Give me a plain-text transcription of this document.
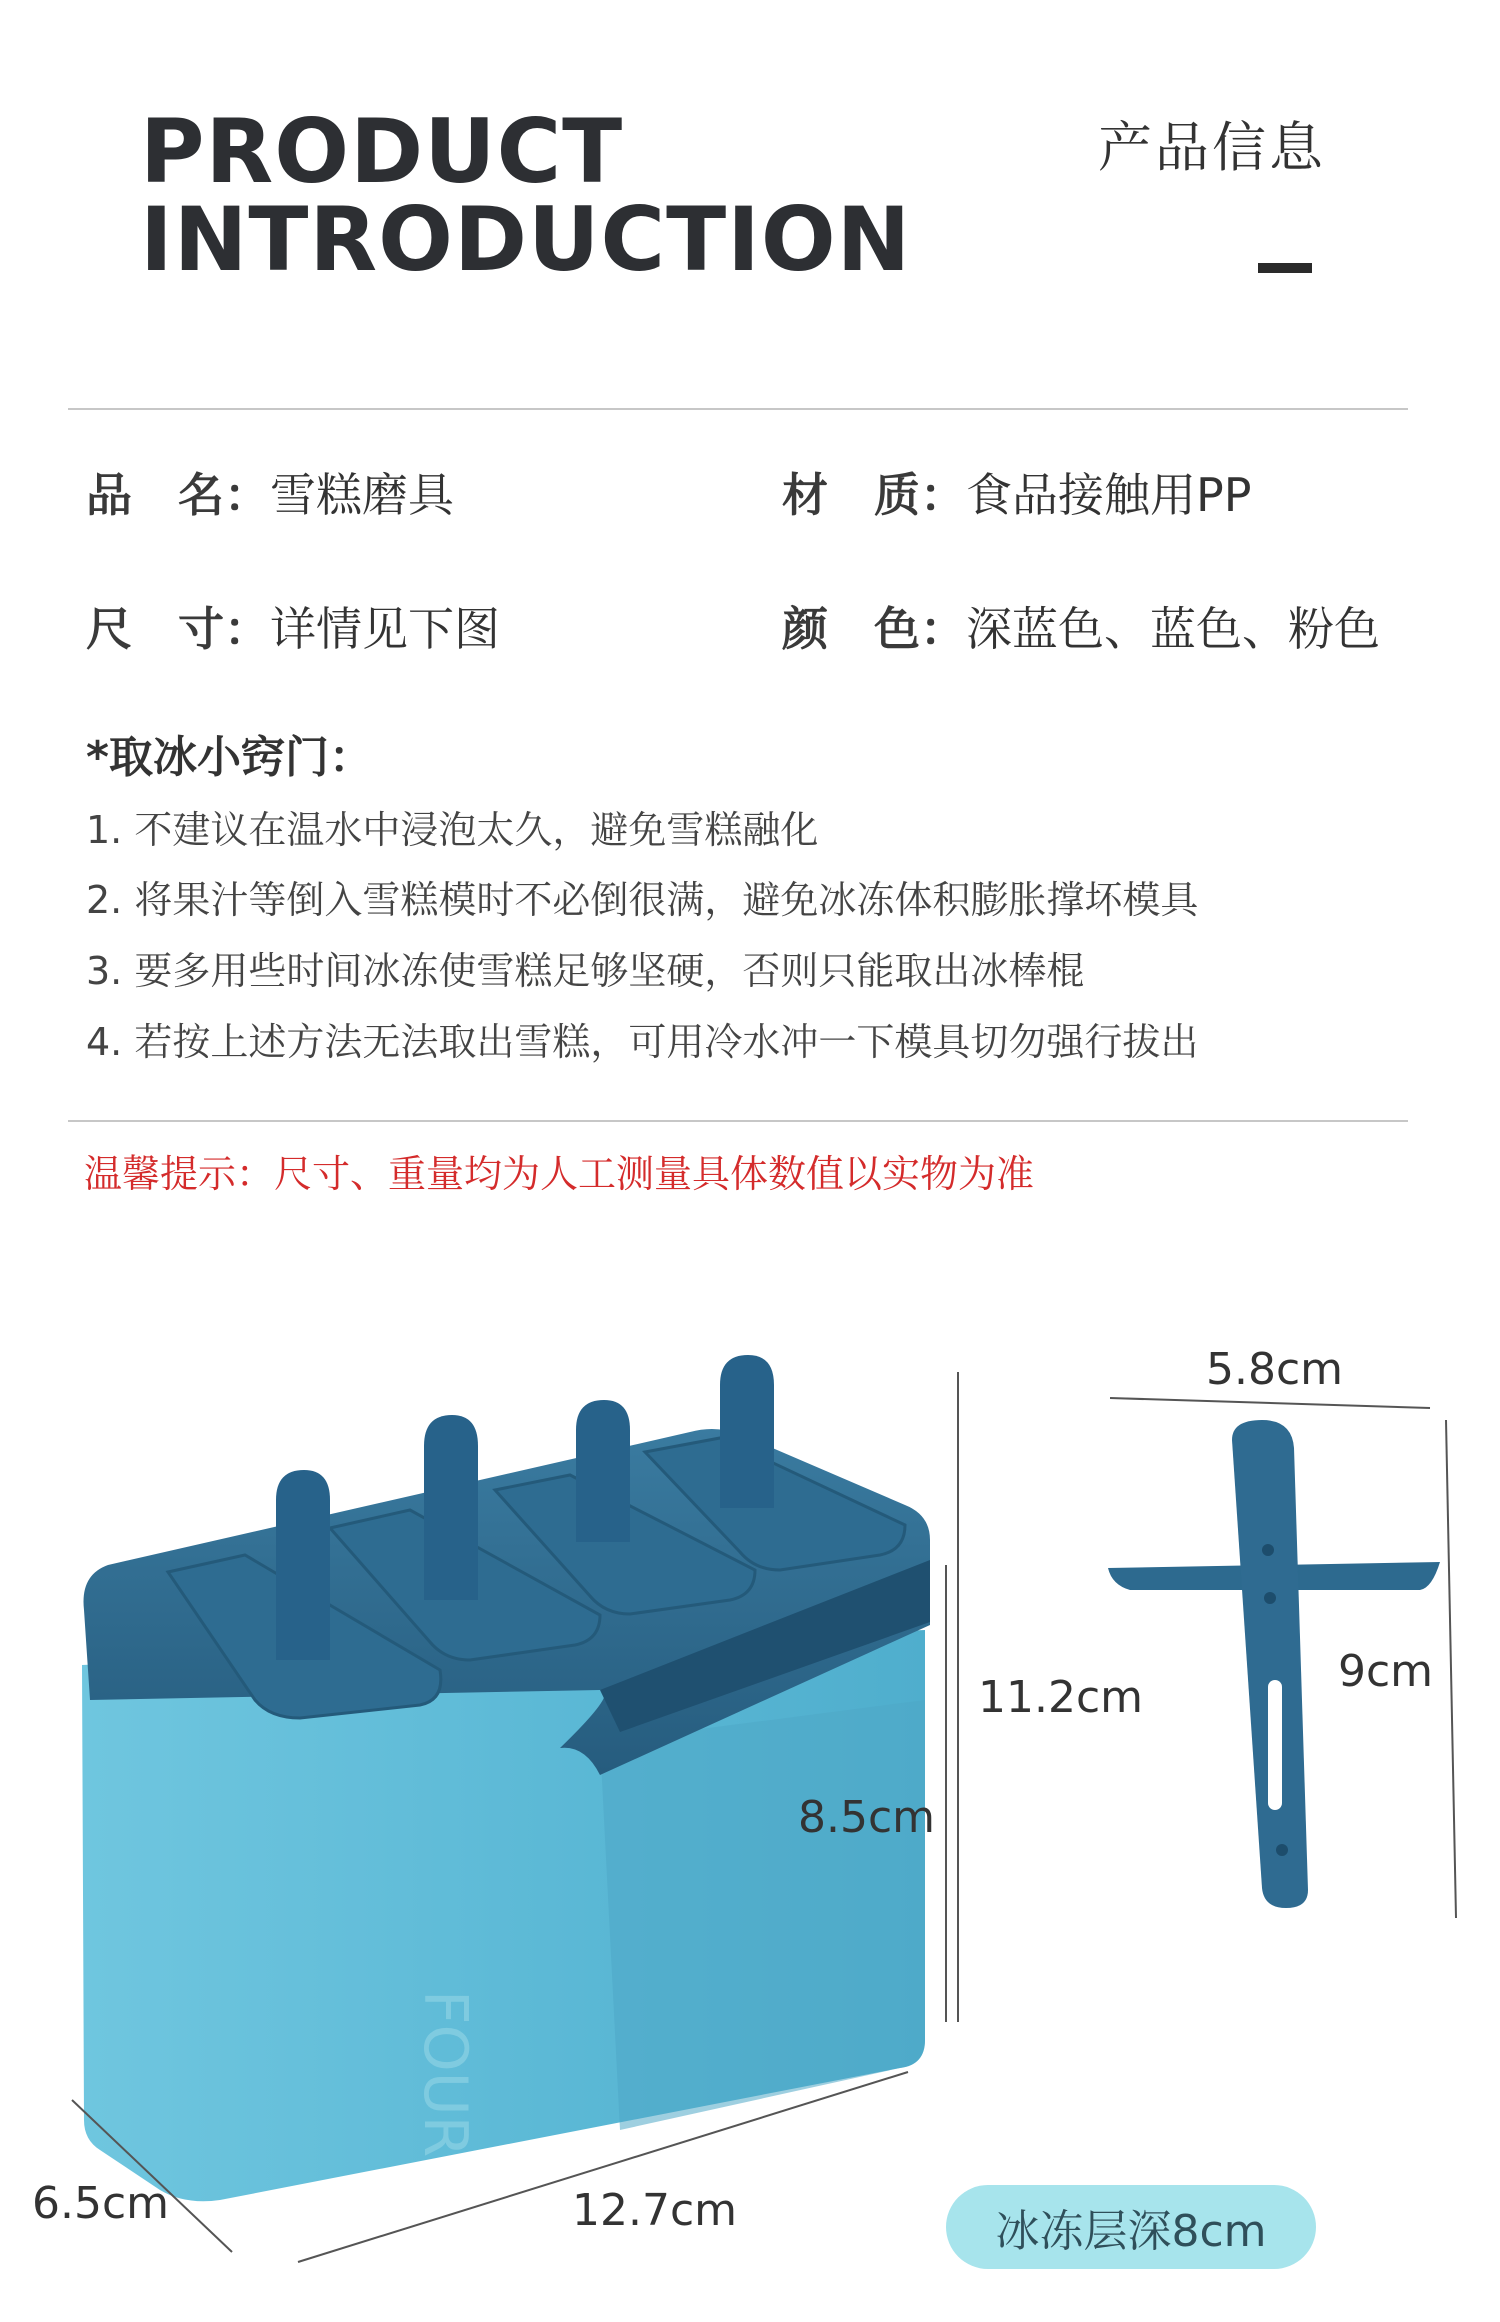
PRODUCT
INTRODUCTION
产品信息
品　名：雪糕磨具	材　质：食品接触用PP
尺　寸：详情见下图	颜　色：深蓝色、蓝色、粉色
*取冰小窍门：
1. 不建议在温水中浸泡太久，避免雪糕融化
2. 将果汁等倒入雪糕模时不必倒很满，避免冰冻体积膨胀撑坏模具
3. 要多用些时间冰冻使雪糕足够坚硬，否则只能取出冰棒棍
4. 若按上述方法无法取出雪糕，可用冷水冲一下模具切勿强行拔出
温馨提示：尺寸、重量均为人工测量具体数值以实物为准
FOUR
11.2cm
8.5cm
6.5cm	12.7cm
5.8cm
9cm
冰冻层深8cm
